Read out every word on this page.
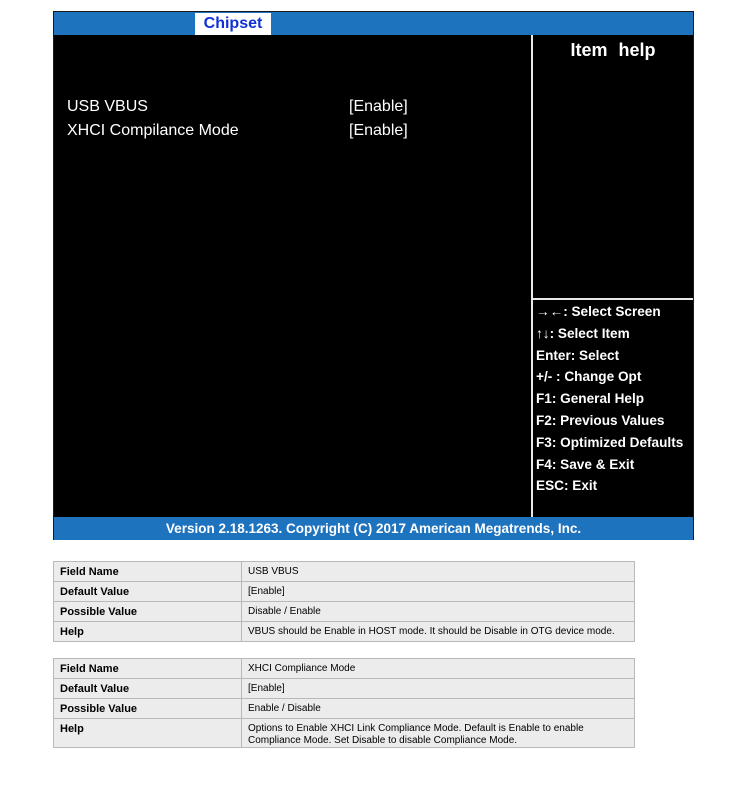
Chipset
USB VBUS	[Enable]
XHCI Compilance Mode	[Enable]
Item help
→←: Select Screen
↑↓: Select Item
Enter: Select
+/- : Change Opt
F1: General Help
F2: Previous Values
F3: Optimized Defaults
F4: Save & Exit
ESC: Exit
Version 2.18.1263. Copyright (C) 2017 American Megatrends, Inc.
Field Name	USB VBUS
Default Value	[Enable]
Possible Value	Disable / Enable
Help	VBUS should be Enable in HOST mode. It should be Disable in OTG device mode.
Field Name	XHCI Compliance Mode
Default Value	[Enable]
Possible Value	Enable / Disable
Help	Options to Enable XHCI Link Compliance Mode. Default is Enable to enable Compliance Mode. Set Disable to disable Compliance Mode.
